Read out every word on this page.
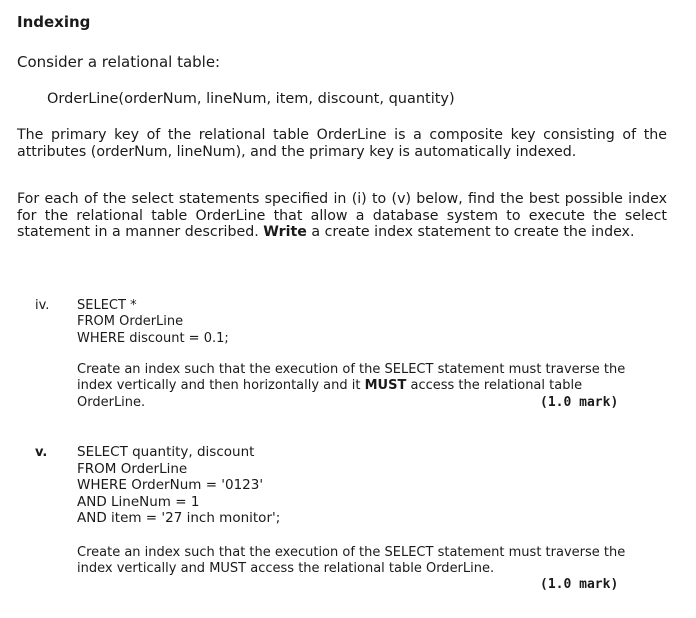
Indexing
Consider a relational table:
OrderLine(orderNum, lineNum, item, discount, quantity)
The primary key of the relational table OrderLine is a composite key consisting of the attributes (orderNum, lineNum), and the primary key is automatically indexed.
For each of the select statements specified in (i) to (v) below, find the best possible index for the relational table OrderLine that allow a database system to execute the select statement in a manner described. Write a create index statement to create the index.
iv. SELECT *
FROM OrderLine
WHERE discount = 0.1;
Create an index such that the execution of the SELECT statement must traverse the index vertically and then horizontally and it MUST access the relational table OrderLine.	(1.0 mark)
v. SELECT quantity, discount
FROM OrderLine
WHERE OrderNum = '0123'
AND LineNum = 1
AND item = '27 inch monitor';
Create an index such that the execution of the SELECT statement must traverse the index vertically and MUST access the relational table OrderLine.
(1.0 mark)
